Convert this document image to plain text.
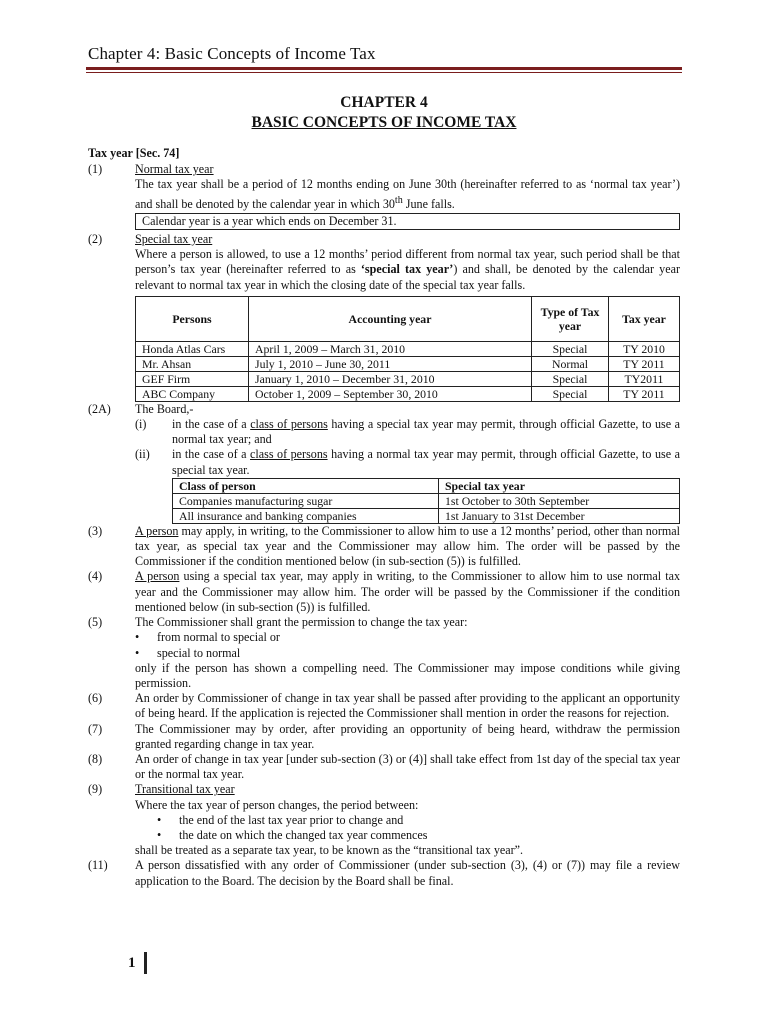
Chapter 4: Basic Concepts of Income Tax
CHAPTER 4
BASIC CONCEPTS OF INCOME TAX
Tax year [Sec. 74]
(1)	Normal tax year
The tax year shall be a period of 12 months ending on June 30th (hereinafter referred to as ‘normal tax year’) and shall be denoted by the calendar year in which 30th June falls.
Calendar year is a year which ends on December 31.
(2)	Special tax year
Where a person is allowed, to use a 12 months’ period different from normal tax year, such period shall be that person’s tax year (hereinafter referred to as ‘special tax year’) and shall, be denoted by the calendar year relevant to normal tax year in which the closing date of the special tax year falls.
Persons	Accounting year	Type of Tax year	Tax year
Honda Atlas Cars	April 1, 2009 – March 31, 2010	Special	TY 2010
Mr. Ahsan	July 1, 2010 – June 30, 2011	Normal	TY 2011
GEF Firm	January 1, 2010 – December 31, 2010	Special	TY2011
ABC Company	October 1, 2009 – September 30, 2010	Special	TY 2011
(2A)	The Board,-
(i)	in the case of a class of persons having a special tax year may permit, through official Gazette, to use a normal tax year; and
(ii)	in the case of a class of persons having a normal tax year may permit, through official Gazette, to use a special tax year.
Class of person	Special tax year
Companies manufacturing sugar	1st October to 30th September
All insurance and banking companies	1st January to 31st December
(3)	A person may apply, in writing, to the Commissioner to allow him to use a 12 months’ period, other than normal tax year, as special tax year and the Commissioner may allow him. The order will be passed by the Commissioner if the condition mentioned below (in sub-section (5)) is fulfilled.
(4)	A person using a special tax year, may apply in writing, to the Commissioner to allow him to use normal tax year and the Commissioner may allow him. The order will be passed by the Commissioner if the condition mentioned below (in sub-section (5)) is fulfilled.
(5)	The Commissioner shall grant the permission to change the tax year:
•	from normal to special or
•	special to normal
only if the person has shown a compelling need. The Commissioner may impose conditions while giving permission.
(6)	An order by Commissioner of change in tax year shall be passed after providing to the applicant an opportunity of being heard. If the application is rejected the Commissioner shall mention in order the reasons for rejection.
(7)	The Commissioner may by order, after providing an opportunity of being heard, withdraw the permission granted regarding change in tax year.
(8)	An order of change in tax year [under sub-section (3) or (4)] shall take effect from 1st day of the special tax year or the normal tax year.
(9)	Transitional tax year
Where the tax year of person changes, the period between:
•	the end of the last tax year prior to change and
•	the date on which the changed tax year commences
shall be treated as a separate tax year, to be known as the “transitional tax year”.
(11)	A person dissatisfied with any order of Commissioner (under sub-section (3), (4) or (7)) may file a review application to the Board. The decision by the Board shall be final.
1
